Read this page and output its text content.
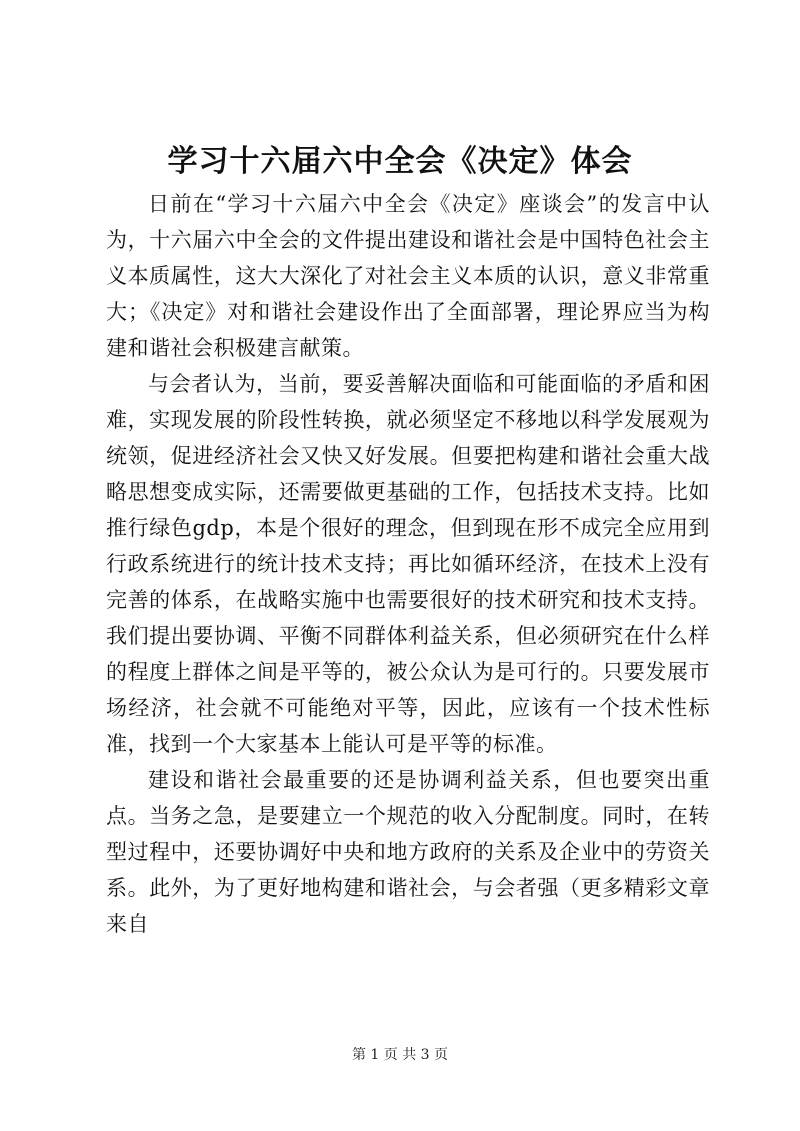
学习十六届六中全会《决定》体会

日前在“学习十六届六中全会《决定》座谈会”的发言中认为，十六届六中全会的文件提出建设和谐社会是中国特色社会主义本质属性，这大大深化了对社会主义本质的认识，意义非常重大；《决定》对和谐社会建设作出了全面部署，理论界应当为构建和谐社会积极建言献策。

与会者认为，当前，要妥善解决面临和可能面临的矛盾和困难，实现发展的阶段性转换，就必须坚定不移地以科学发展观为统领，促进经济社会又快又好发展。但要把构建和谐社会重大战略思想变成实际，还需要做更基础的工作，包括技术支持。比如推行绿色gdp，本是个很好的理念，但到现在形不成完全应用到行政系统进行的统计技术支持；再比如循环经济，在技术上没有完善的体系，在战略实施中也需要很好的技术研究和技术支持。我们提出要协调、平衡不同群体利益关系，但必须研究在什么样的程度上群体之间是平等的，被公众认为是可行的。只要发展市场经济，社会就不可能绝对平等，因此，应该有一个技术性标准，找到一个大家基本上能认可是平等的标准。

建设和谐社会最重要的还是协调利益关系，但也要突出重点。当务之急，是要建立一个规范的收入分配制度。同时，在转型过程中，还要协调好中央和地方政府的关系及企业中的劳资关系。此外，为了更好地构建和谐社会，与会者强（更多精彩文章来自

第 1 页 共 3 页
